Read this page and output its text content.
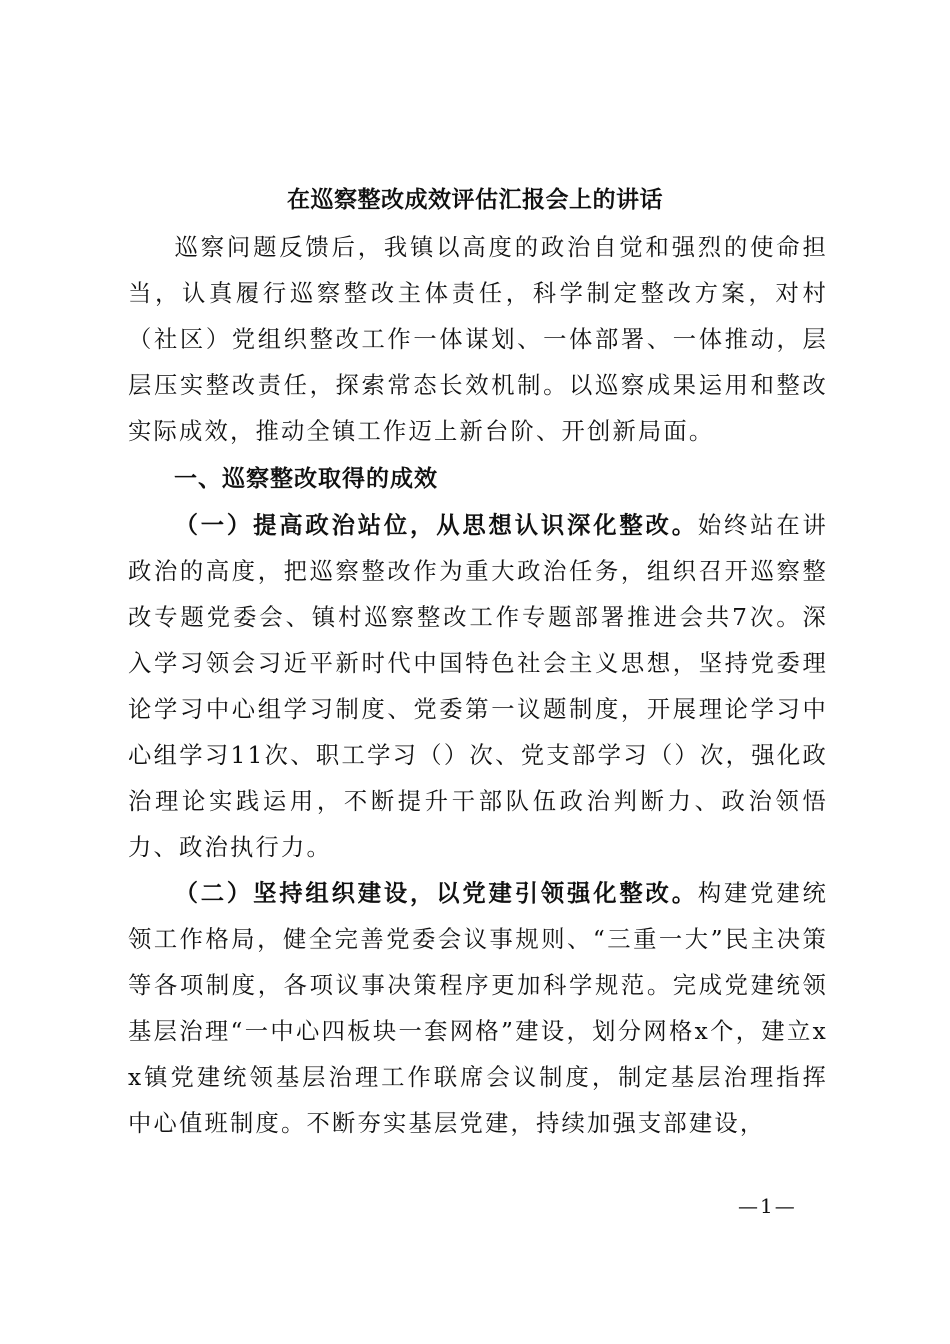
在巡察整改成效评估汇报会上的讲话

巡察问题反馈后，我镇以高度的政治自觉和强烈的使命担当，认真履行巡察整改主体责任，科学制定整改方案，对村（社区）党组织整改工作一体谋划、一体部署、一体推动，层层压实整改责任，探索常态长效机制。以巡察成果运用和整改实际成效，推动全镇工作迈上新台阶、开创新局面。

一、巡察整改取得的成效

（一）提高政治站位，从思想认识深化整改。始终站在讲政治的高度，把巡察整改作为重大政治任务，组织召开巡察整改专题党委会、镇村巡察整改工作专题部署推进会共7次。深入学习领会习近平新时代中国特色社会主义思想，坚持党委理论学习中心组学习制度、党委第一议题制度，开展理论学习中心组学习11次、职工学习（）次、党支部学习（）次，强化政治理论实践运用，不断提升干部队伍政治判断力、政治领悟力、政治执行力。

（二）坚持组织建设，以党建引领强化整改。构建党建统领工作格局，健全完善党委会议事规则、“三重一大”民主决策等各项制度，各项议事决策程序更加科学规范。完成党建统领基层治理“一中心四板块一套网格”建设，划分网格x个，建立xx镇党建统领基层治理工作联席会议制度，制定基层治理指挥中心值班制度。不断夯实基层党建，持续加强支部建设，

—1—
